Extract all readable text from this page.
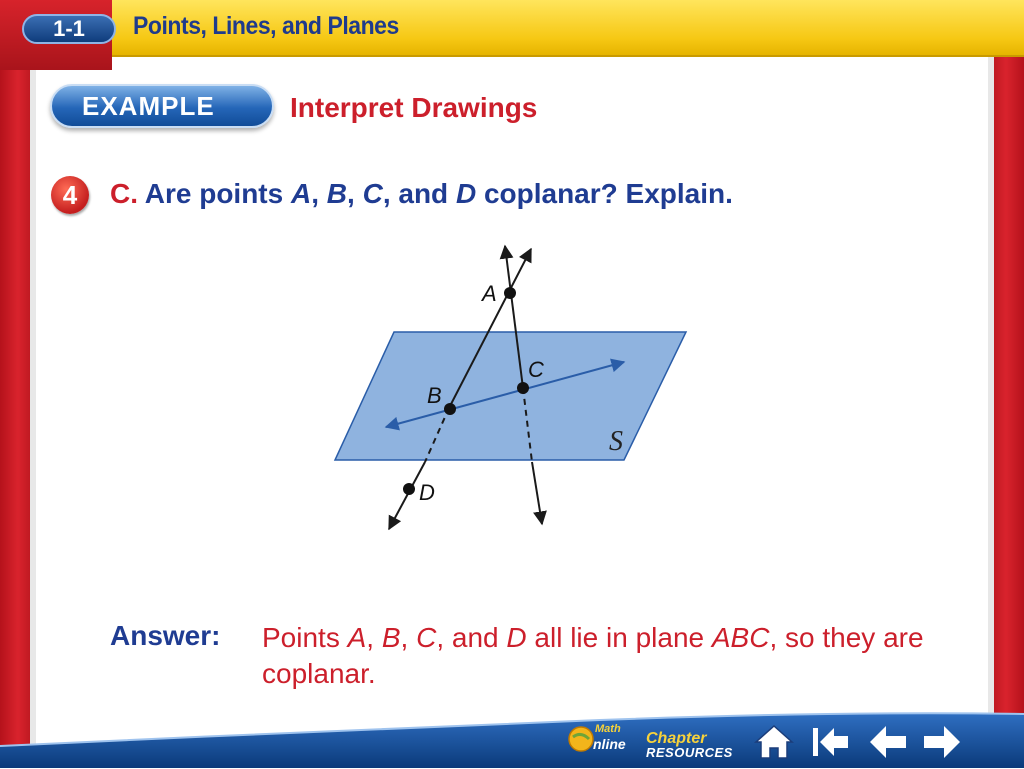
1-1	Points, Lines, and Planes
EXAMPLE	Interpret Drawings
4	C. Are points A, B, C, and D coplanar? Explain.
A
B
C
D
S
Answer: Points A, B, C, and D all lie in plane ABC, so they are coplanar.
Math
nline Chapter
RESOURCES
